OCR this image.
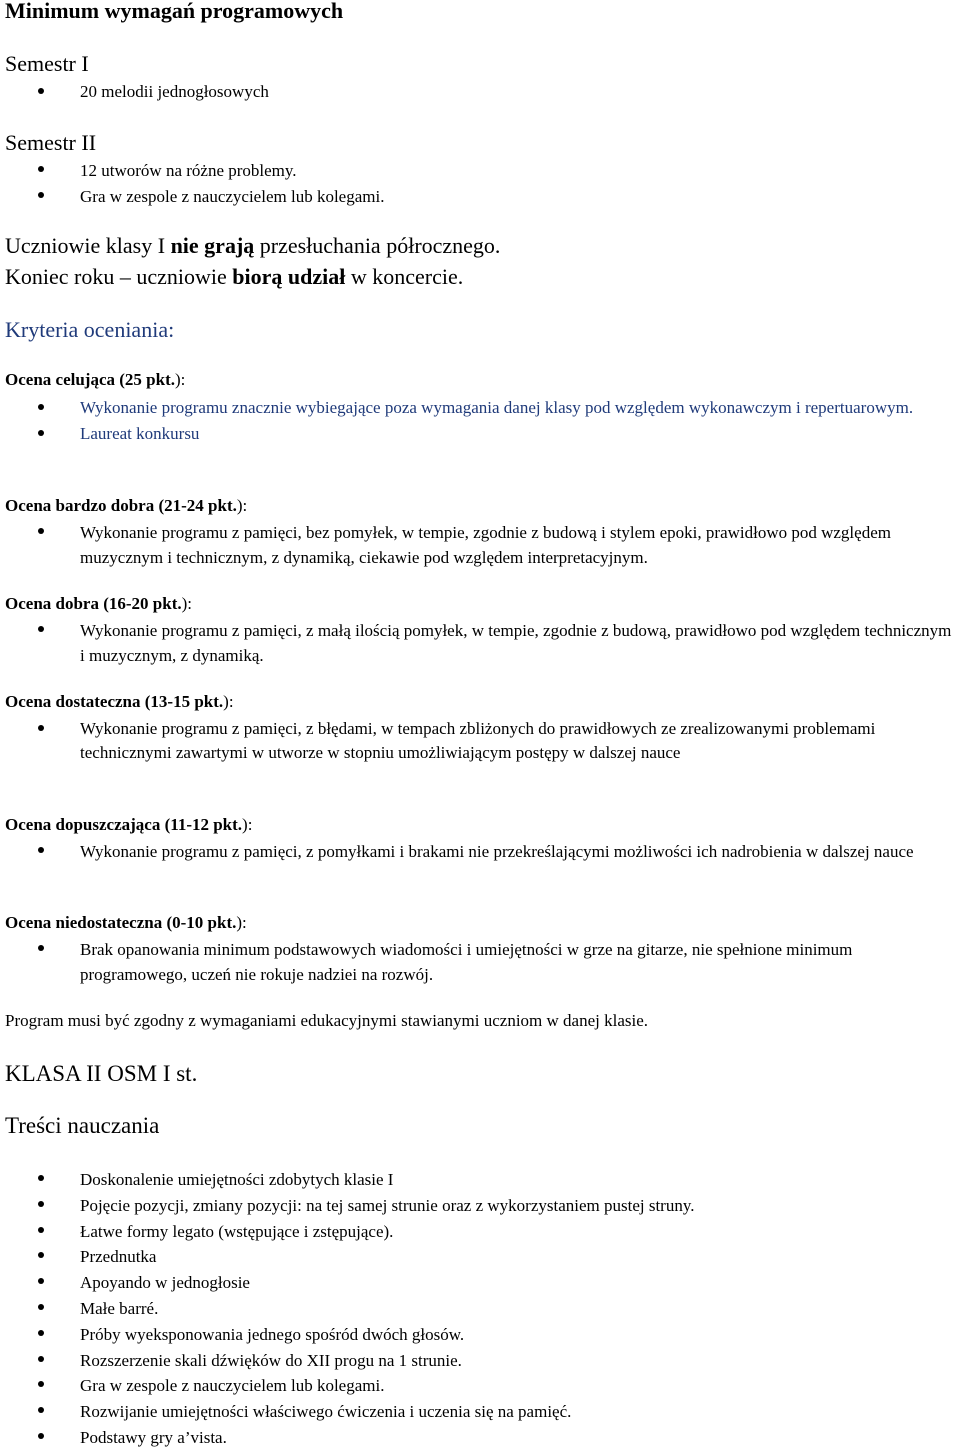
Minimum wymagań programowych
Semestr I
20 melodii jednogłosowych
Semestr II
12 utworów na różne problemy.
Gra w zespole z nauczycielem lub kolegami.
Uczniowie klasy I nie grają przesłuchania półrocznego.
Koniec roku – uczniowie biorą udział w koncercie.
Kryteria oceniania:
Ocena celująca (25 pkt.):
Wykonanie programu znacznie wybiegające poza wymagania danej klasy pod względem wykonawczym i repertuarowym.
Laureat konkursu
Ocena bardzo dobra (21-24 pkt.):
Wykonanie programu z pamięci, bez pomyłek, w tempie, zgodnie z budową i stylem epoki, prawidłowo pod względem muzycznym i technicznym, z dynamiką, ciekawie pod względem interpretacyjnym.
Ocena dobra (16-20 pkt.):
Wykonanie programu z pamięci, z małą ilością pomyłek, w tempie, zgodnie z budową, prawidłowo pod względem technicznym i muzycznym, z dynamiką.
Ocena dostateczna (13-15 pkt.):
Wykonanie programu z pamięci, z błędami, w tempach zbliżonych do prawidłowych ze zrealizowanymi problemami technicznymi zawartymi w utworze w stopniu umożliwiającym postępy w dalszej nauce
Ocena dopuszczająca (11-12 pkt.):
Wykonanie programu z pamięci, z pomyłkami i brakami nie przekreślającymi możliwości ich nadrobienia w dalszej nauce
Ocena niedostateczna (0-10 pkt.):
Brak opanowania minimum podstawowych wiadomości i umiejętności w grze na gitarze, nie spełnione minimum programowego, uczeń nie rokuje nadziei na rozwój.
Program musi być zgodny z wymaganiami edukacyjnymi stawianymi uczniom w danej klasie.
KLASA II OSM I st.
Treści nauczania
Doskonalenie umiejętności zdobytych klasie I
Pojęcie pozycji, zmiany pozycji: na tej samej strunie oraz z wykorzystaniem pustej struny.
Łatwe formy legato (wstępujące i zstępujące).
Przednutka
Apoyando w jednogłosie
Małe barré.
Próby wyeksponowania jednego spośród dwóch głosów.
Rozszerzenie skali dźwięków do XII progu na 1 strunie.
Gra w zespole z nauczycielem lub kolegami.
Rozwijanie umiejętności właściwego ćwiczenia i uczenia się na pamięć.
Podstawy gry a’vista.
